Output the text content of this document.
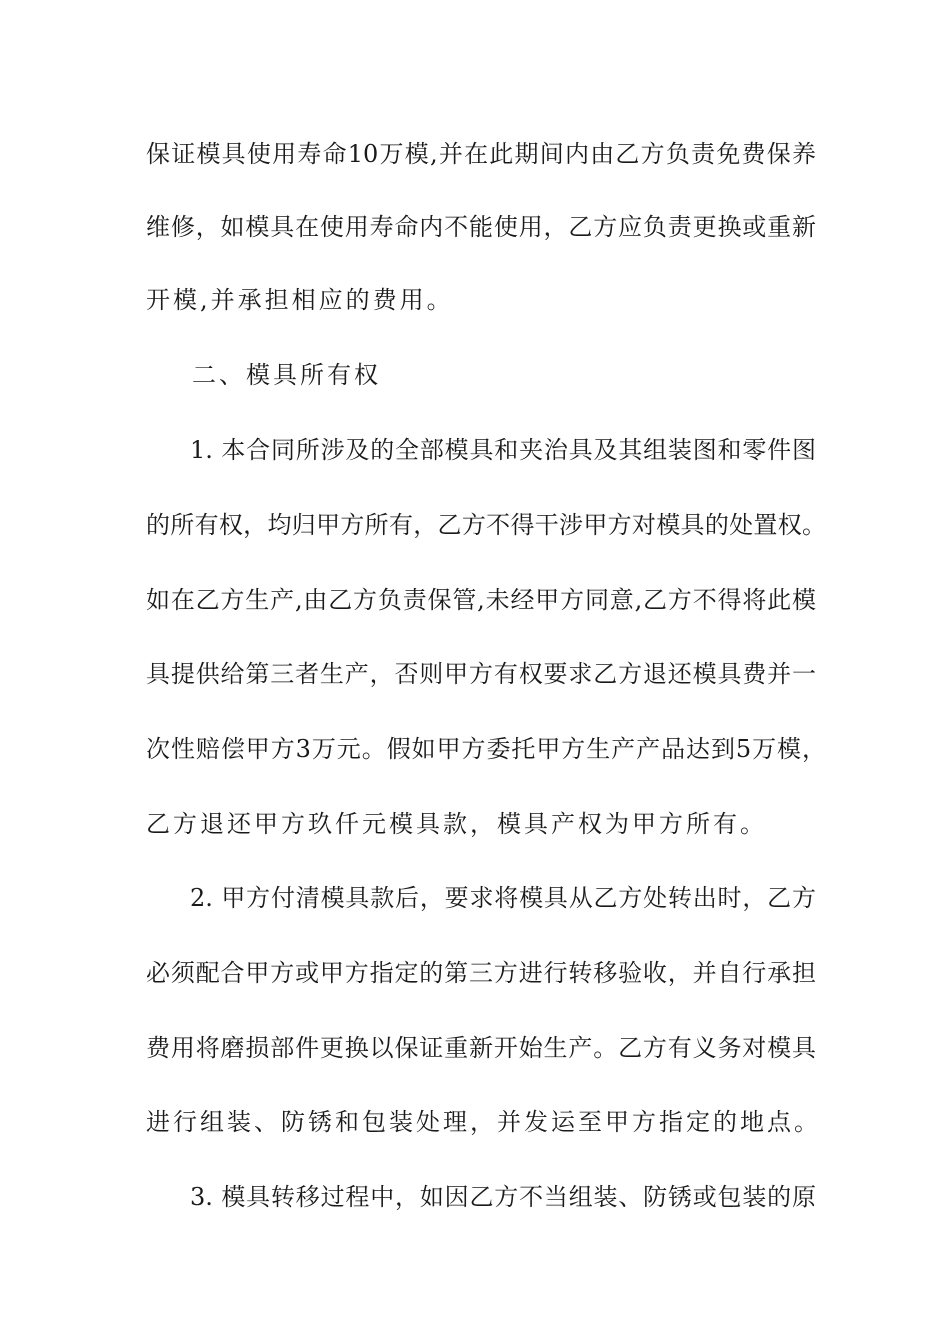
保证模具使用寿命10万模,并在此期间内由乙方负责免费保养
维修，如模具在使用寿命内不能使用，乙方应负责更换或重新
开模,并承担相应的费用。
二、模具所有权
1. 本合同所涉及的全部模具和夹治具及其组装图和零件图
的所有权，均归甲方所有，乙方不得干涉甲方对模具的处置权。
如在乙方生产,由乙方负责保管,未经甲方同意,乙方不得将此模
具提供给第三者生产，否则甲方有权要求乙方退还模具费并一
次性赔偿甲方3万元。假如甲方委托甲方生产产品达到5万模，
乙方退还甲方玖仟元模具款，模具产权为甲方所有。
2. 甲方付清模具款后，要求将模具从乙方处转出时，乙方
必须配合甲方或甲方指定的第三方进行转移验收，并自行承担
费用将磨损部件更换以保证重新开始生产。乙方有义务对模具
进行组装、防锈和包装处理，并发运至甲方指定的地点。
3. 模具转移过程中，如因乙方不当组装、防锈或包装的原
